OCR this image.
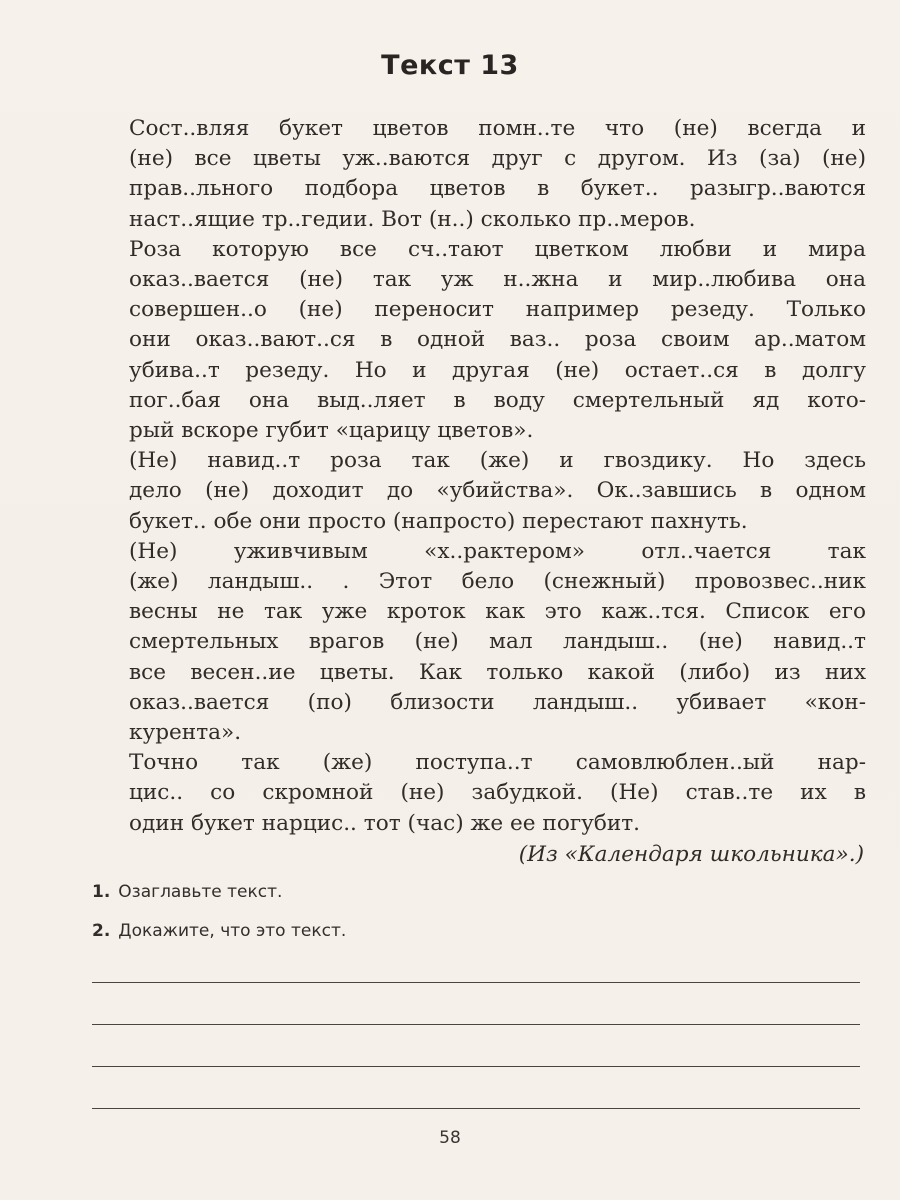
Текст 13

Сост..вляя букет цветов помн..те что (не) всегда и
(не) все цветы уж..ваются друг с другом. Из (за) (не)
прав..льного подбора цветов в букет.. разыгр..ваются
наст..ящие тр..гедии. Вот (н..) сколько пр..меров.

Роза которую все сч..тают цветком любви и мира
оказ..вается (не) так уж н..жна и мир..любива она
совершен..о (не) переносит например резеду. Только
они оказ..вают..ся в одной ваз.. роза своим ар..матом
убива..т резеду. Но и другая (не) остает..ся в долгу
пог..бая она выд..ляет в воду смертельный яд кото-
рый вскоре губит «царицу цветов».

(Не) навид..т роза так (же) и гвоздику. Но здесь
дело (не) доходит до «убийства». Ок..завшись в одном
букет.. обе они просто (напросто) перестают пахнуть.

(Не) уживчивым «х..рактером» отл..чается так
(же) ландыш.. . Этот бело (снежный) провозвес..ник
весны не так уже кроток как это каж..тся. Список его
смертельных врагов (не) мал ландыш.. (не) навид..т
все весен..ие цветы. Как только какой (либо) из них
оказ..вается (по) близости ландыш.. убивает «кон-
курента».

Точно так (же) поступа..т самовлюблен..ый нар-
цис.. со скромной (не) забудкой. (Не) став..те их в
один букет нарцис.. тот (час) же ее погубит.

(Из «Календаря школьника».)
1. Озаглавьте текст.
2. Докажите, что это текст.
58
